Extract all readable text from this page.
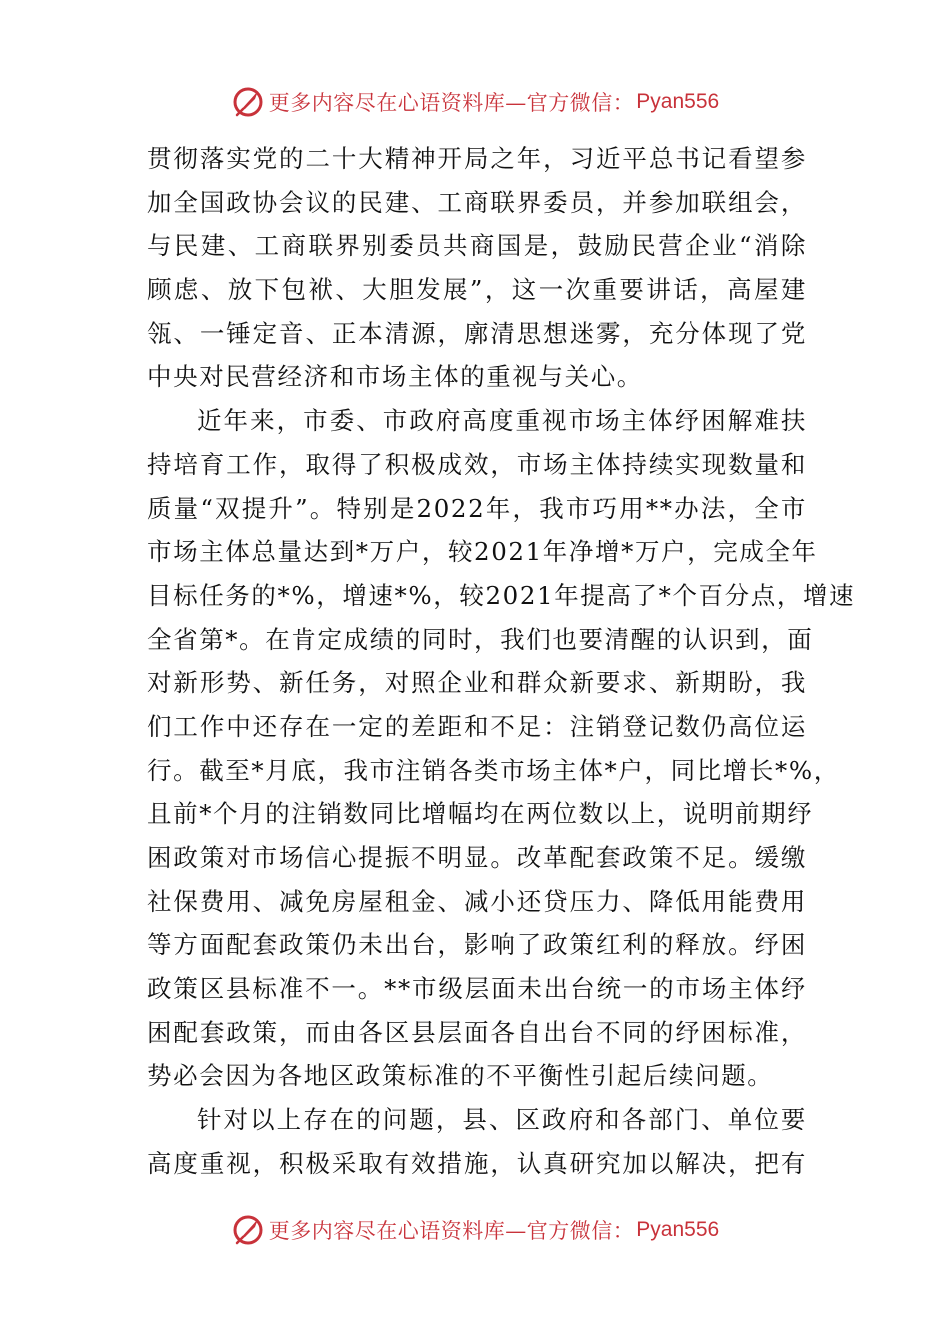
更多内容尽在心语资料库—官方微信： Pyan556
贯彻落实党的二十大精神开局之年，习近平总书记看望参
加全国政协会议的民建、工商联界委员，并参加联组会，
与民建、工商联界别委员共商国是，鼓励民营企业“消除
顾虑、放下包袱、大胆发展”，这一次重要讲话，高屋建
瓴、一锤定音、正本清源，廓清思想迷雾，充分体现了党
中央对民营经济和市场主体的重视与关心。
近年来，市委、市政府高度重视市场主体纾困解难扶
持培育工作，取得了积极成效，市场主体持续实现数量和
质量“双提升”。特别是2022年，我市巧用**办法，全市
市场主体总量达到*万户，较2021年净增*万户，完成全年
目标任务的*%，增速*%，较2021年提高了*个百分点，增速
全省第*。在肯定成绩的同时，我们也要清醒的认识到，面
对新形势、新任务，对照企业和群众新要求、新期盼，我
们工作中还存在一定的差距和不足：注销登记数仍高位运
行。截至*月底，我市注销各类市场主体*户，同比增长*%，
且前*个月的注销数同比增幅均在两位数以上，说明前期纾
困政策对市场信心提振不明显。改革配套政策不足。缓缴
社保费用、减免房屋租金、减小还贷压力、降低用能费用
等方面配套政策仍未出台，影响了政策红利的释放。纾困
政策区县标准不一。**市级层面未出台统一的市场主体纾
困配套政策，而由各区县层面各自出台不同的纾困标准，
势必会因为各地区政策标准的不平衡性引起后续问题。
针对以上存在的问题，县、区政府和各部门、单位要
高度重视，积极采取有效措施，认真研究加以解决，把有
更多内容尽在心语资料库—官方微信： Pyan556
